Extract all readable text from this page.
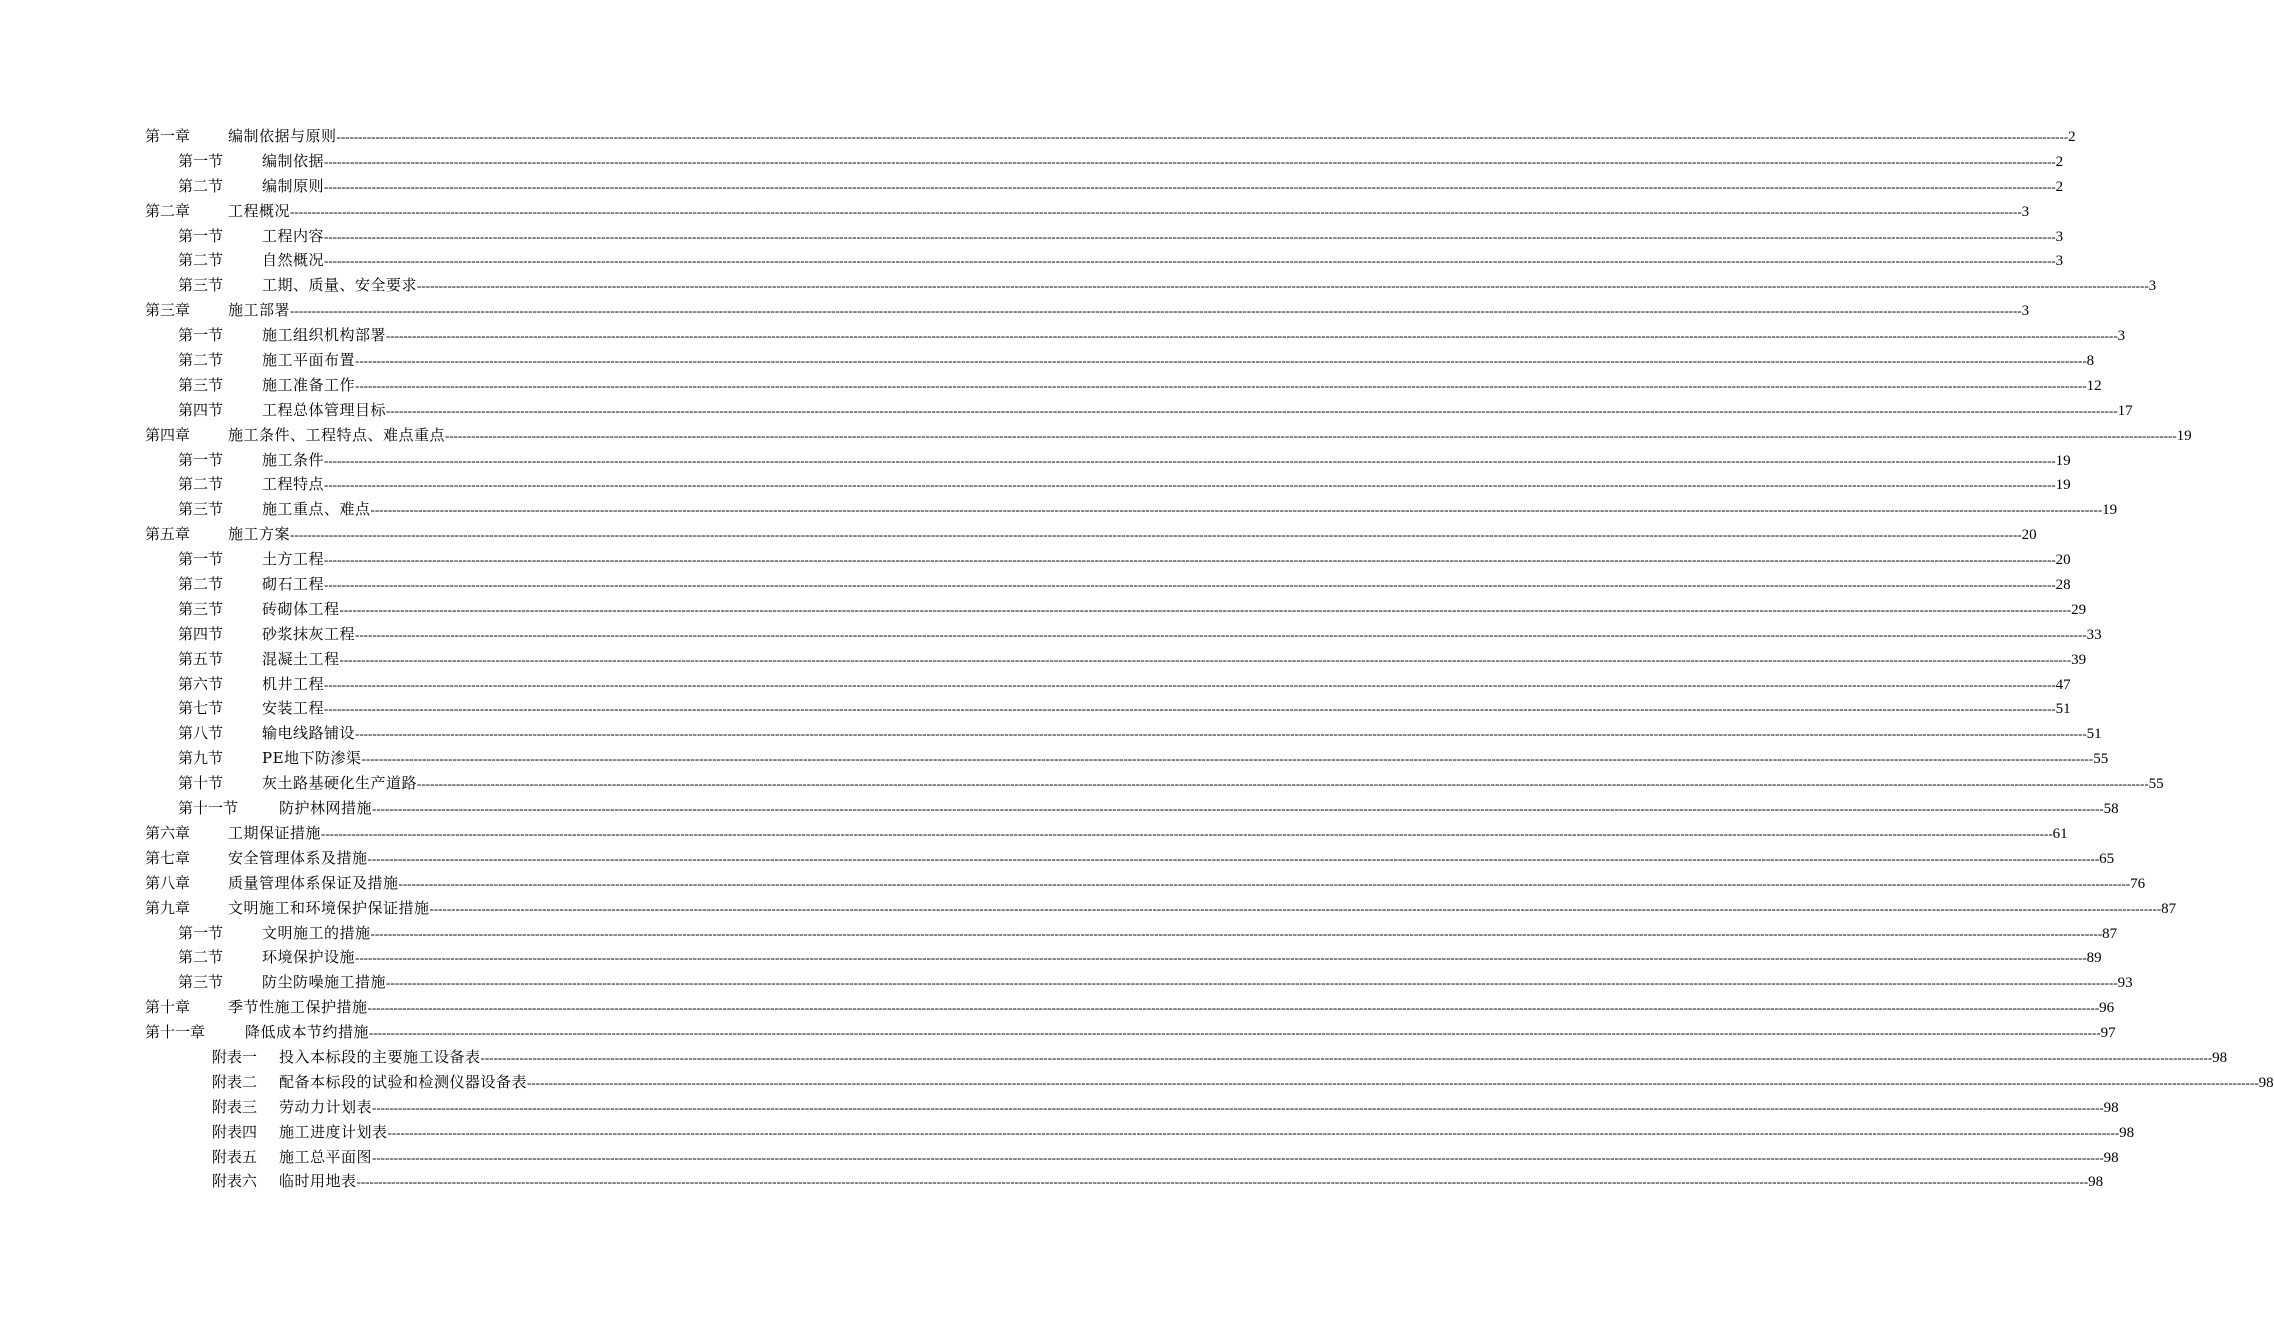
第一章	编制依据与原则 ---------------------------------------------------------------------------------------------------------------------------------------------------------------------------------------------------------------------------------------------------------------------------------------------------------------------------------------------------------------------------------------------------------------- 2
第一节	编制依据 ---------------------------------------------------------------------------------------------------------------------------------------------------------------------------------------------------------------------------------------------------------------------------------------------------------------------------------------------------------------------------------------------------------------- 2
第二节	编制原则 ---------------------------------------------------------------------------------------------------------------------------------------------------------------------------------------------------------------------------------------------------------------------------------------------------------------------------------------------------------------------------------------------------------------- 2
第二章	工程概况 ---------------------------------------------------------------------------------------------------------------------------------------------------------------------------------------------------------------------------------------------------------------------------------------------------------------------------------------------------------------------------------------------------------------- 3
第一节	工程内容 ---------------------------------------------------------------------------------------------------------------------------------------------------------------------------------------------------------------------------------------------------------------------------------------------------------------------------------------------------------------------------------------------------------------- 3
第二节	自然概况 ---------------------------------------------------------------------------------------------------------------------------------------------------------------------------------------------------------------------------------------------------------------------------------------------------------------------------------------------------------------------------------------------------------------- 3
第三节	工期、质量、安全要求 ---------------------------------------------------------------------------------------------------------------------------------------------------------------------------------------------------------------------------------------------------------------------------------------------------------------------------------------------------------------------------------------------------------------- 3
第三章	施工部署 ---------------------------------------------------------------------------------------------------------------------------------------------------------------------------------------------------------------------------------------------------------------------------------------------------------------------------------------------------------------------------------------------------------------- 3
第一节	施工组织机构部署 ---------------------------------------------------------------------------------------------------------------------------------------------------------------------------------------------------------------------------------------------------------------------------------------------------------------------------------------------------------------------------------------------------------------- 3
第二节	施工平面布置 ---------------------------------------------------------------------------------------------------------------------------------------------------------------------------------------------------------------------------------------------------------------------------------------------------------------------------------------------------------------------------------------------------------------- 8
第三节	施工准备工作 ---------------------------------------------------------------------------------------------------------------------------------------------------------------------------------------------------------------------------------------------------------------------------------------------------------------------------------------------------------------------------------------------------------------- 12
第四节	工程总体管理目标 ---------------------------------------------------------------------------------------------------------------------------------------------------------------------------------------------------------------------------------------------------------------------------------------------------------------------------------------------------------------------------------------------------------------- 17
第四章	施工条件、工程特点、难点重点 ---------------------------------------------------------------------------------------------------------------------------------------------------------------------------------------------------------------------------------------------------------------------------------------------------------------------------------------------------------------------------------------------------------------- 19
第一节	施工条件 ---------------------------------------------------------------------------------------------------------------------------------------------------------------------------------------------------------------------------------------------------------------------------------------------------------------------------------------------------------------------------------------------------------------- 19
第二节	工程特点 ---------------------------------------------------------------------------------------------------------------------------------------------------------------------------------------------------------------------------------------------------------------------------------------------------------------------------------------------------------------------------------------------------------------- 19
第三节	施工重点、难点 ---------------------------------------------------------------------------------------------------------------------------------------------------------------------------------------------------------------------------------------------------------------------------------------------------------------------------------------------------------------------------------------------------------------- 19
第五章	施工方案 ---------------------------------------------------------------------------------------------------------------------------------------------------------------------------------------------------------------------------------------------------------------------------------------------------------------------------------------------------------------------------------------------------------------- 20
第一节	土方工程 ---------------------------------------------------------------------------------------------------------------------------------------------------------------------------------------------------------------------------------------------------------------------------------------------------------------------------------------------------------------------------------------------------------------- 20
第二节	砌石工程 ---------------------------------------------------------------------------------------------------------------------------------------------------------------------------------------------------------------------------------------------------------------------------------------------------------------------------------------------------------------------------------------------------------------- 28
第三节	砖砌体工程 ---------------------------------------------------------------------------------------------------------------------------------------------------------------------------------------------------------------------------------------------------------------------------------------------------------------------------------------------------------------------------------------------------------------- 29
第四节	砂浆抹灰工程 ---------------------------------------------------------------------------------------------------------------------------------------------------------------------------------------------------------------------------------------------------------------------------------------------------------------------------------------------------------------------------------------------------------------- 33
第五节	混凝土工程 ---------------------------------------------------------------------------------------------------------------------------------------------------------------------------------------------------------------------------------------------------------------------------------------------------------------------------------------------------------------------------------------------------------------- 39
第六节	机井工程 ---------------------------------------------------------------------------------------------------------------------------------------------------------------------------------------------------------------------------------------------------------------------------------------------------------------------------------------------------------------------------------------------------------------- 47
第七节	安装工程 ---------------------------------------------------------------------------------------------------------------------------------------------------------------------------------------------------------------------------------------------------------------------------------------------------------------------------------------------------------------------------------------------------------------- 51
第八节	输电线路铺设 ---------------------------------------------------------------------------------------------------------------------------------------------------------------------------------------------------------------------------------------------------------------------------------------------------------------------------------------------------------------------------------------------------------------- 51
第九节	PE地下防渗渠 ---------------------------------------------------------------------------------------------------------------------------------------------------------------------------------------------------------------------------------------------------------------------------------------------------------------------------------------------------------------------------------------------------------------- 55
第十节	灰土路基硬化生产道路 ---------------------------------------------------------------------------------------------------------------------------------------------------------------------------------------------------------------------------------------------------------------------------------------------------------------------------------------------------------------------------------------------------------------- 55
第十一节	防护林网措施 ---------------------------------------------------------------------------------------------------------------------------------------------------------------------------------------------------------------------------------------------------------------------------------------------------------------------------------------------------------------------------------------------------------------- 58
第六章	工期保证措施 ---------------------------------------------------------------------------------------------------------------------------------------------------------------------------------------------------------------------------------------------------------------------------------------------------------------------------------------------------------------------------------------------------------------- 61
第七章	安全管理体系及措施 ---------------------------------------------------------------------------------------------------------------------------------------------------------------------------------------------------------------------------------------------------------------------------------------------------------------------------------------------------------------------------------------------------------------- 65
第八章	质量管理体系保证及措施 ---------------------------------------------------------------------------------------------------------------------------------------------------------------------------------------------------------------------------------------------------------------------------------------------------------------------------------------------------------------------------------------------------------------- 76
第九章	文明施工和环境保护保证措施 ---------------------------------------------------------------------------------------------------------------------------------------------------------------------------------------------------------------------------------------------------------------------------------------------------------------------------------------------------------------------------------------------------------------- 87
第一节	文明施工的措施 ---------------------------------------------------------------------------------------------------------------------------------------------------------------------------------------------------------------------------------------------------------------------------------------------------------------------------------------------------------------------------------------------------------------- 87
第二节	环境保护设施 ---------------------------------------------------------------------------------------------------------------------------------------------------------------------------------------------------------------------------------------------------------------------------------------------------------------------------------------------------------------------------------------------------------------- 89
第三节	防尘防噪施工措施 ---------------------------------------------------------------------------------------------------------------------------------------------------------------------------------------------------------------------------------------------------------------------------------------------------------------------------------------------------------------------------------------------------------------- 93
第十章	季节性施工保护措施 ---------------------------------------------------------------------------------------------------------------------------------------------------------------------------------------------------------------------------------------------------------------------------------------------------------------------------------------------------------------------------------------------------------------- 96
第十一章	降低成本节约措施 ---------------------------------------------------------------------------------------------------------------------------------------------------------------------------------------------------------------------------------------------------------------------------------------------------------------------------------------------------------------------------------------------------------------- 97
附表一 投入本标段的主要施工设备表 ---------------------------------------------------------------------------------------------------------------------------------------------------------------------------------------------------------------------------------------------------------------------------------------------------------------------------------------------------------------------------------------------------------------- 98
附表二 配备本标段的试验和检测仪器设备表 ---------------------------------------------------------------------------------------------------------------------------------------------------------------------------------------------------------------------------------------------------------------------------------------------------------------------------------------------------------------------------------------------------------------- 98
附表三 劳动力计划表 ---------------------------------------------------------------------------------------------------------------------------------------------------------------------------------------------------------------------------------------------------------------------------------------------------------------------------------------------------------------------------------------------------------------- 98
附表四 施工进度计划表 ---------------------------------------------------------------------------------------------------------------------------------------------------------------------------------------------------------------------------------------------------------------------------------------------------------------------------------------------------------------------------------------------------------------- 98
附表五 施工总平面图 ---------------------------------------------------------------------------------------------------------------------------------------------------------------------------------------------------------------------------------------------------------------------------------------------------------------------------------------------------------------------------------------------------------------- 98
附表六 临时用地表 ---------------------------------------------------------------------------------------------------------------------------------------------------------------------------------------------------------------------------------------------------------------------------------------------------------------------------------------------------------------------------------------------------------------- 98
